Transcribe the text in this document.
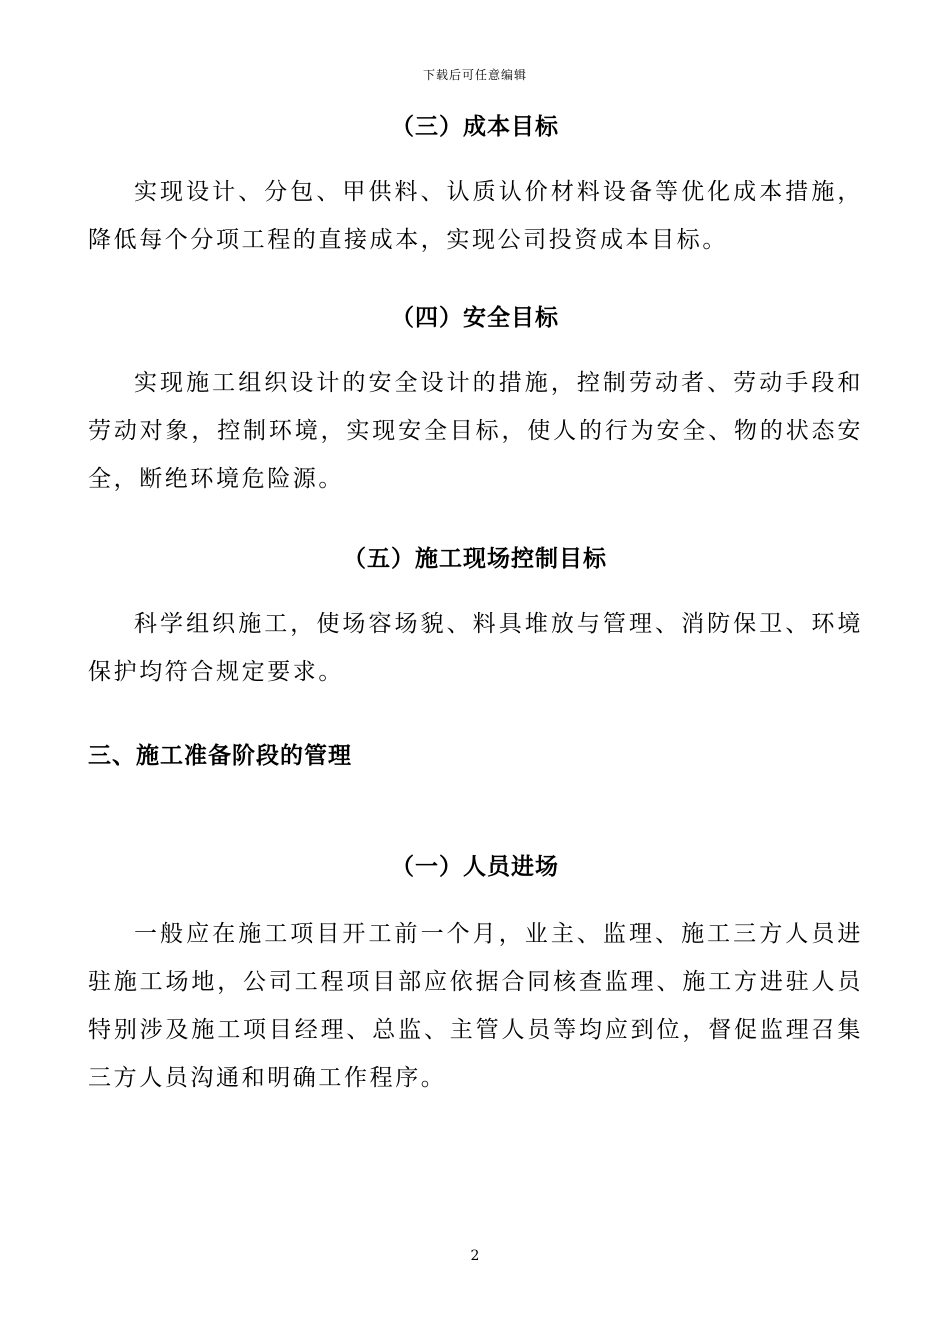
下载后可任意编辑
（三）成本目标

实现设计、分包、甲供料、认质认价材料设备等优化成本措施，降低每个分项工程的直接成本，实现公司投资成本目标。

（四）安全目标

实现施工组织设计的安全设计的措施，控制劳动者、劳动手段和劳动对象，控制环境，实现安全目标，使人的行为安全、物的状态安全，断绝环境危险源。

（五）施工现场控制目标

科学组织施工，使场容场貌、料具堆放与管理、消防保卫、环境保护均符合规定要求。

三、施工准备阶段的管理
（一）人员进场

一般应在施工项目开工前一个月，业主、监理、施工三方人员进驻施工场地，公司工程项目部应依据合同核查监理、施工方进驻人员特别涉及施工项目经理、总监、主管人员等均应到位，督促监理召集三方人员沟通和明确工作程序。

2
